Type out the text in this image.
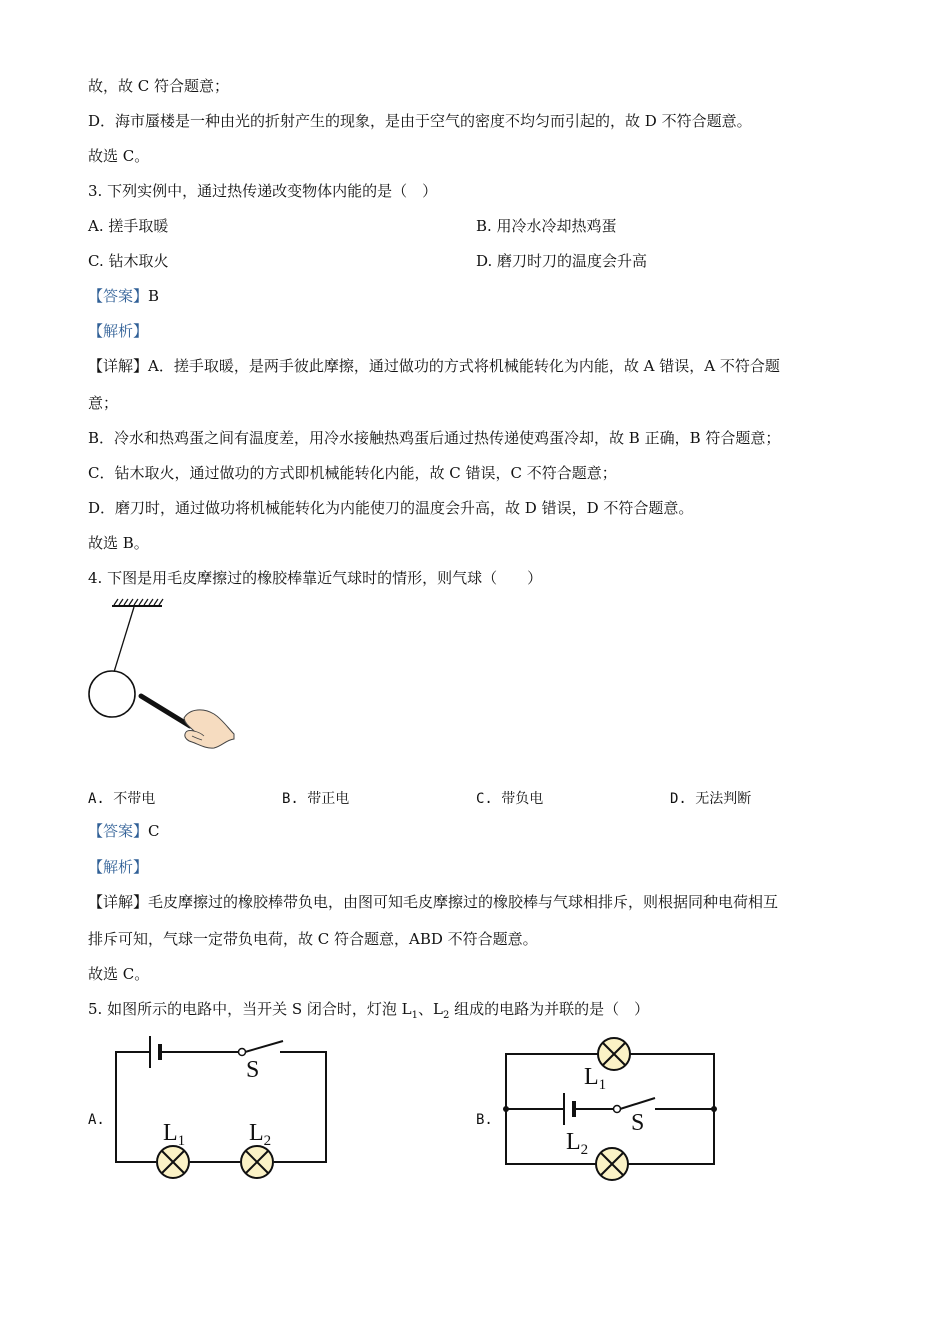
故，故 C 符合题意；
D．海市蜃楼是一种由光的折射产生的现象，是由于空气的密度不均匀而引起的，故 D 不符合题意。
故选 C。
3. 下列实例中，通过热传递改变物体内能的是（　）
A. 搓手取暖	B. 用冷水冷却热鸡蛋
C. 钻木取火	D. 磨刀时刀的温度会升高
【答案】B
【解析】
【详解】A．搓手取暖，是两手彼此摩擦，通过做功的方式将机械能转化为内能，故 A 错误，A 不符合题
意；
B．冷水和热鸡蛋之间有温度差，用冷水接触热鸡蛋后通过热传递使鸡蛋冷却，故 B 正确，B 符合题意；
C．钻木取火，通过做功的方式即机械能转化内能，故 C 错误，C 不符合题意；
D．磨刀时，通过做功将机械能转化为内能使刀的温度会升高，故 D 错误，D 不符合题意。
故选 B。
4. 下图是用毛皮摩擦过的橡胶棒靠近气球时的情形，则气球（　　）
A. 不带电	B. 带正电	C. 带负电	D. 无法判断
【答案】C
【解析】
【详解】毛皮摩擦过的橡胶棒带负电，由图可知毛皮摩擦过的橡胶棒与气球相排斥，则根据同种电荷相互
排斥可知，气球一定带负电荷，故 C 符合题意，ABD 不符合题意。
故选 C。
5. 如图所示的电路中，当开关 S 闭合时，灯泡 $L_1$、$L_2$ 组成的电路为并联的是（　）
A.	B.
S
$L_1$	$L_2$
S
$L_1$
$L_2$
